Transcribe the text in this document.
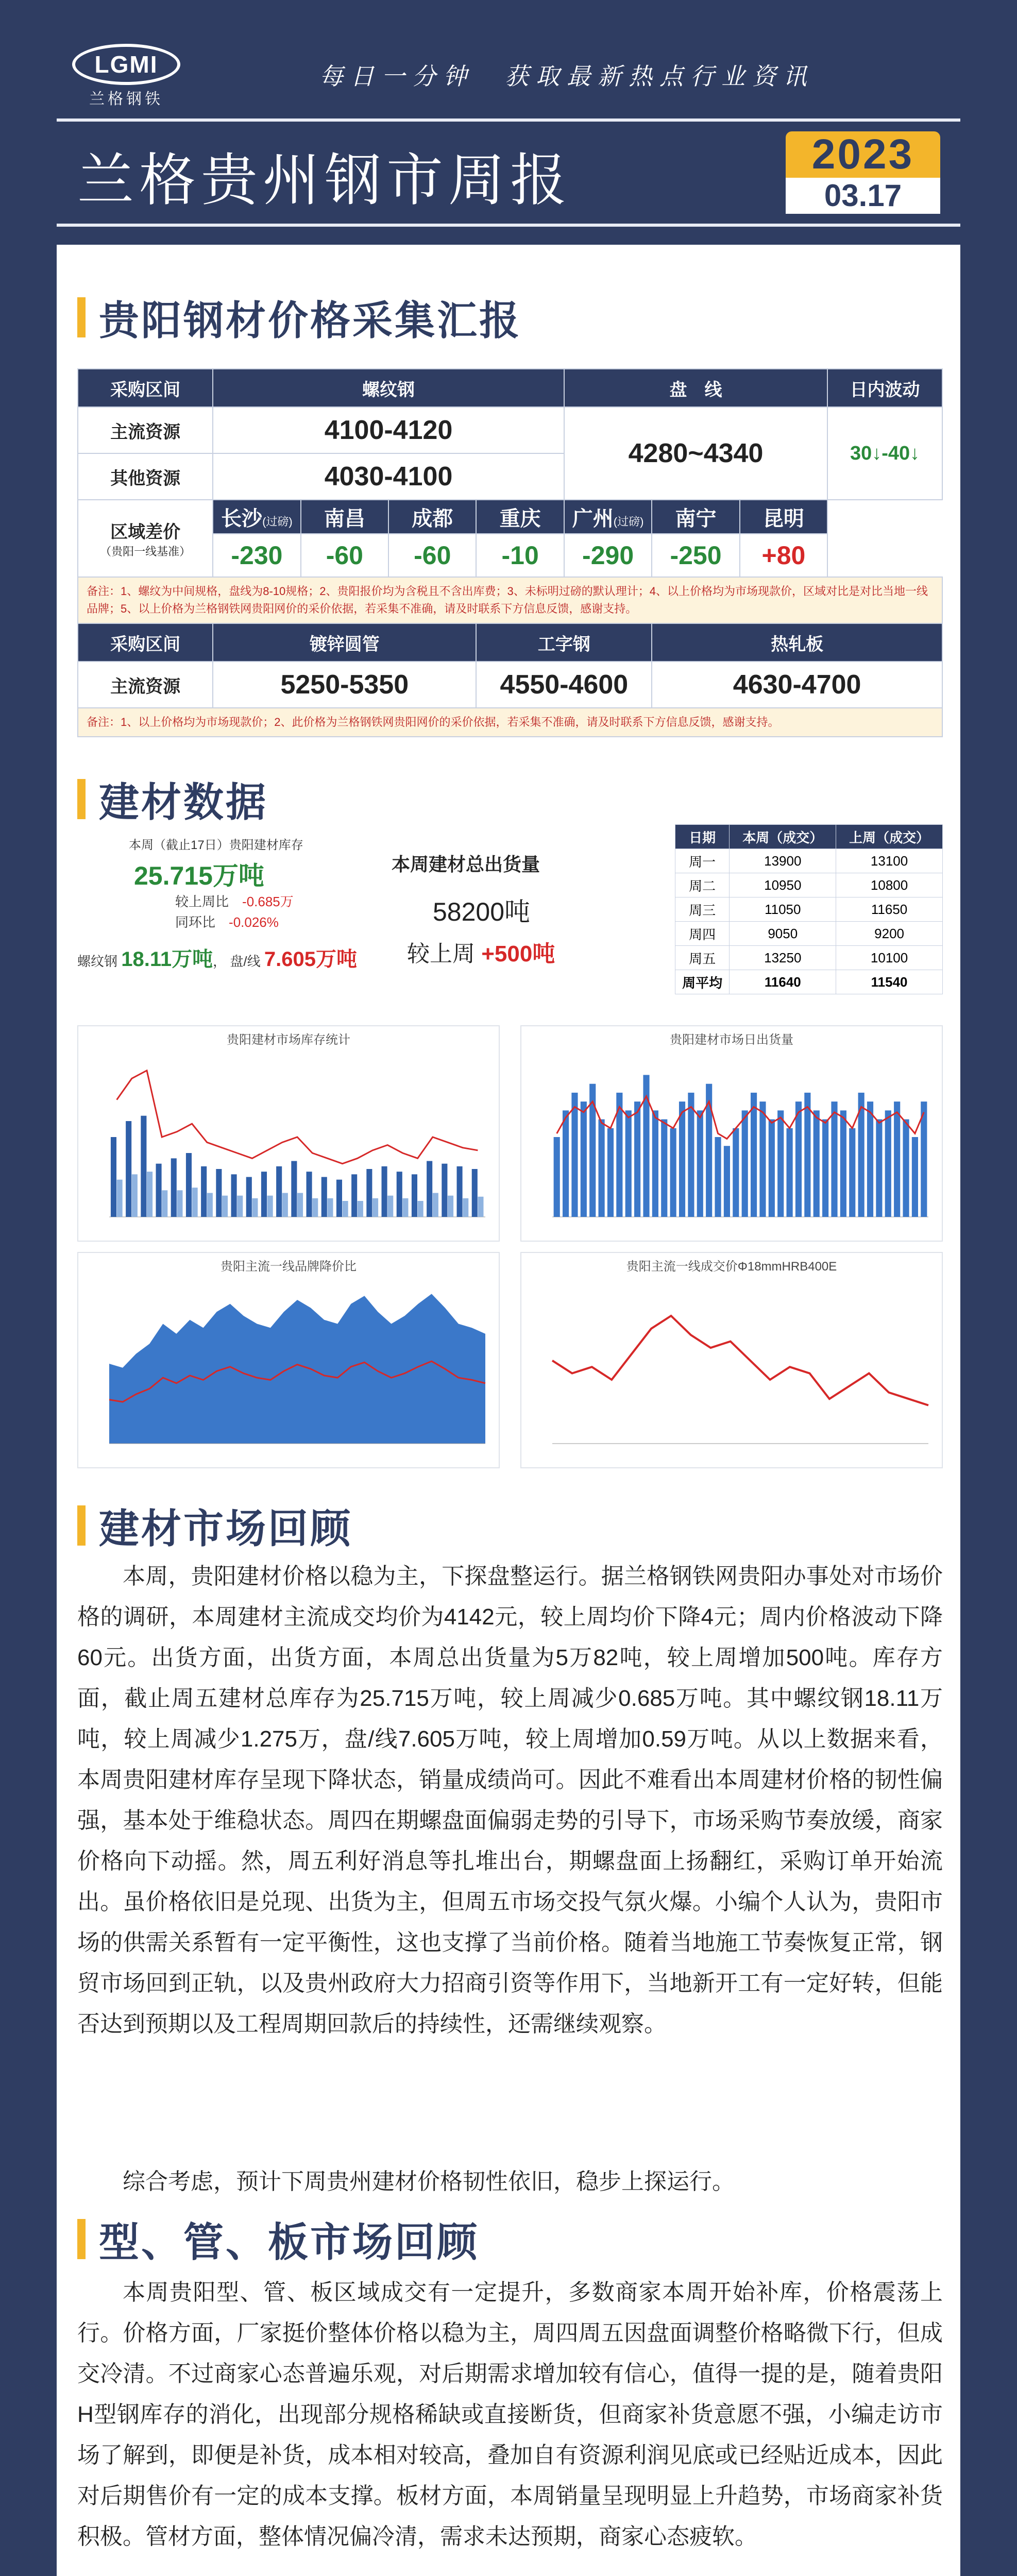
LGMI
兰格钢铁
每日一分钟　获取最新热点行业资讯
兰格贵州钢市周报	2023
03.17
贵阳钢材价格采集汇报
采购区间	螺纹钢				盘　线			日内波动
主流资源	4100-4120				4280~4340			30↓-40↓
其他资源	4030-4100							

区域差价
（贵阳一线基准）	长沙(过磅)	南昌	成都	重庆	广州(过磅)	南宁	昆明	
	-230	-60	-60	-10	-290	-250	+80	
备注：1、螺纹为中间规格，盘线为8-10规格；2、贵阳报价均为含税且不含出库费；3、未标明过磅的默认理计；4、以上价格均为市场现款价，区域对比是对比当地一线品牌；5、以上价格为兰格钢铁网贵阳网价的采价依据，若采集不准确，请及时联系下方信息反馈，感谢支持。								
采购区间	镀锌圆管			工字钢		热轧板		
主流资源	5250-5350			4550-4600		4630-4700		
备注：1、以上价格均为市场现款价；2、此价格为兰格钢铁网贵阳网价的采价依据，若采集不准确，请及时联系下方信息反馈，感谢支持。								
建材数据
本周（截止17日）贵阳建材库存
25.715万吨
较上周比　 -0.685万
同环比　 -0.026%
螺纹钢 18.11万吨， 盘/线 7.605万吨
本周建材总出货量
58200吨
较上周 +500吨
日期	本周（成交）	上周（成交）
周一	13900	13100
周二	10950	10800
周三	11050	11650
周四	9050	9200
周五	13250	10100
周平均	11640	11540
贵阳建材市场库存统计	贵阳建材市场日出货量
贵阳主流一线品牌降价比	贵阳主流一线成交价Φ18mmHRB400E
建材市场回顾
本周，贵阳建材价格以稳为主，下探盘整运行。据兰格钢铁网贵阳办事处对市场价格的调研，本周建材主流成交均价为4142元，较上周均价下降4元；周内价格波动下降60元。出货方面，出货方面，本周总出货量为5万82吨，较上周增加500吨。库存方面，截止周五建材总库存为25.715万吨，较上周减少0.685万吨。其中螺纹钢18.11万吨，较上周减少1.275万，盘/线7.605万吨，较上周增加0.59万吨。从以上数据来看，本周贵阳建材库存呈现下降状态，销量成绩尚可。因此不难看出本周建材价格的韧性偏强，基本处于维稳状态。周四在期螺盘面偏弱走势的引导下，市场采购节奏放缓，商家价格向下动摇。然，周五利好消息等扎堆出台，期螺盘面上扬翻红，采购订单开始流出。虽价格依旧是兑现、出货为主，但周五市场交投气氛火爆。小编个人认为，贵阳市场的供需关系暂有一定平衡性，这也支撑了当前价格。随着当地施工节奏恢复正常，钢贸市场回到正轨，以及贵州政府大力招商引资等作用下，当地新开工有一定好转，但能否达到预期以及工程周期回款后的持续性，还需继续观察。
综合考虑，预计下周贵州建材价格韧性依旧，稳步上探运行。
型、管、板市场回顾
本周贵阳型、管、板区域成交有一定提升，多数商家本周开始补库，价格震荡上行。价格方面，厂家挺价整体价格以稳为主，周四周五因盘面调整价格略微下行，但成交冷清。不过商家心态普遍乐观，对后期需求增加较有信心，值得一提的是，随着贵阳H型钢库存的消化，出现部分规格稀缺或直接断货，但商家补货意愿不强，小编走访市场了解到，即便是补货，成本相对较高，叠加自有资源利润见底或已经贴近成本，因此对后期售价有一定的成本支撑。板材方面，本周销量呈现明显上升趋势，市场商家补货积极。管材方面，整体情况偏冷清，需求未达预期，商家心态疲软。
